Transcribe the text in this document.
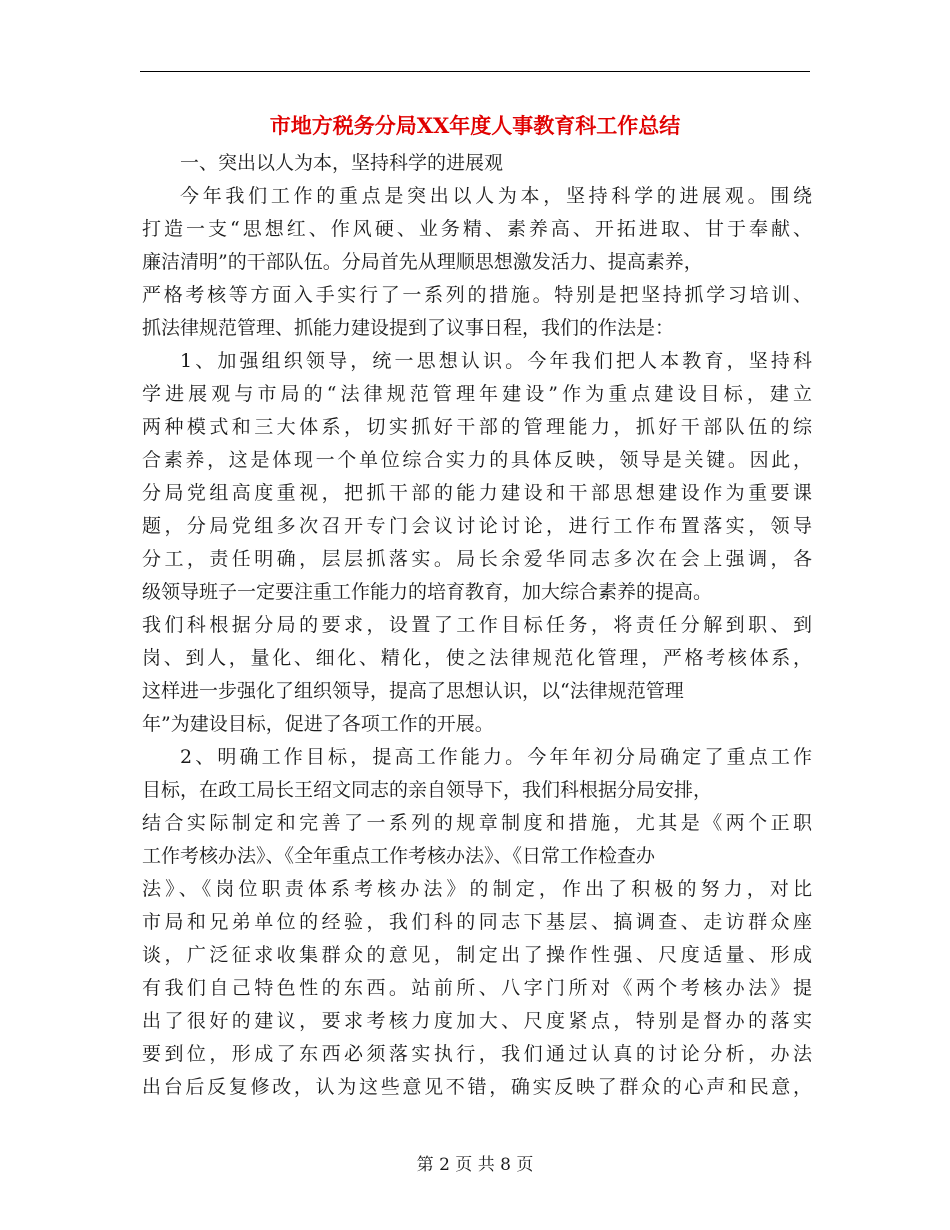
市地方税务分局XX年度人事教育科工作总结

一、突出以人为本，坚持科学的进展观

今年我们工作的重点是突出以人为本，坚持科学的进展观。围绕

打造一支“思想红、作风硬、业务精、素养高、开拓进取、甘于奉献、

廉洁清明”的干部队伍。分局首先从理顺思想激发活力、提高素养，

严格考核等方面入手实行了一系列的措施。特别是把坚持抓学习培训、

抓法律规范管理、抓能力建设提到了议事日程，我们的作法是：

1、加强组织领导，统一思想认识。今年我们把人本教育，坚持科

学进展观与市局的“法律规范管理年建设”作为重点建设目标，建立

两种模式和三大体系，切实抓好干部的管理能力，抓好干部队伍的综

合素养，这是体现一个单位综合实力的具体反映，领导是关键。因此，

分局党组高度重视，把抓干部的能力建设和干部思想建设作为重要课

题，分局党组多次召开专门会议讨论讨论，进行工作布置落实，领导

分工，责任明确，层层抓落实。局长余爱华同志多次在会上强调，各

级领导班子一定要注重工作能力的培育教育，加大综合素养的提高。

我们科根据分局的要求，设置了工作目标任务，将责任分解到职、到

岗、到人，量化、细化、精化，使之法律规范化管理，严格考核体系，

这样进一步强化了组织领导，提高了思想认识，以“法律规范管理

年”为建设目标，促进了各项工作的开展。

2、明确工作目标，提高工作能力。今年年初分局确定了重点工作

目标，在政工局长王绍文同志的亲自领导下，我们科根据分局安排，

结合实际制定和完善了一系列的规章制度和措施，尤其是《两个正职

工作考核办法》、《全年重点工作考核办法》、《日常工作检查办

法》、《岗位职责体系考核办法》的制定，作出了积极的努力，对比

市局和兄弟单位的经验，我们科的同志下基层、搞调查、走访群众座

谈，广泛征求收集群众的意见，制定出了操作性强、尺度适量、形成

有我们自己特色性的东西。站前所、八字门所对《两个考核办法》提

出了很好的建议，要求考核力度加大、尺度紧点，特别是督办的落实

要到位，形成了东西必须落实执行，我们通过认真的讨论分析，办法

出台后反复修改，认为这些意见不错，确实反映了群众的心声和民意，

第 2 页 共 8 页
